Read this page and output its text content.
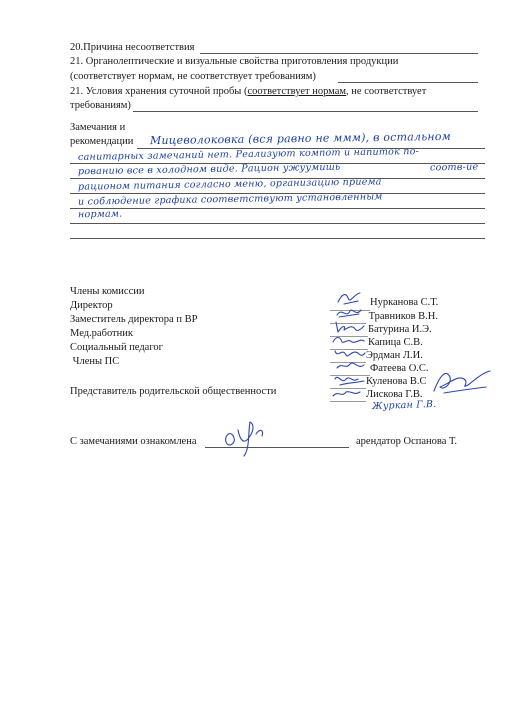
20.Причина несоответствия
21. Органолептические и визуальные свойства приготовления продукции
(соответствует нормам, не соответствует требованиям)
21. Условия хранения суточной пробы (соответствует нормам, не соответствует
требованиям)
Замечания и
рекомендации Мицеволоковка (вся равно не ммм), в остальном
санитарных замечаний нет. Реализуют компот и напиток по-
рованию все в холодном виде. Рацион ужуумишь	соотв-ие
рационом питания согласно меню, организацию приема
и соблюдение графика соответствуют установленным
нормам.
Члены комиссии
Директор
Заместитель директора п ВР
Мед.работник
Социальный педагог
Члены ПС
Представитель родительской общественности
Нурканова С.Т.
Травников В.Н.
Батурина И.Э.
Капица С.В.
Эрдман Л.И.
Фатеева О.С.
Куленова В.С
Лискова Г.В.
Журкан Г.В.
С замечаниями ознакомлена	арендатор Оспанова Т.
